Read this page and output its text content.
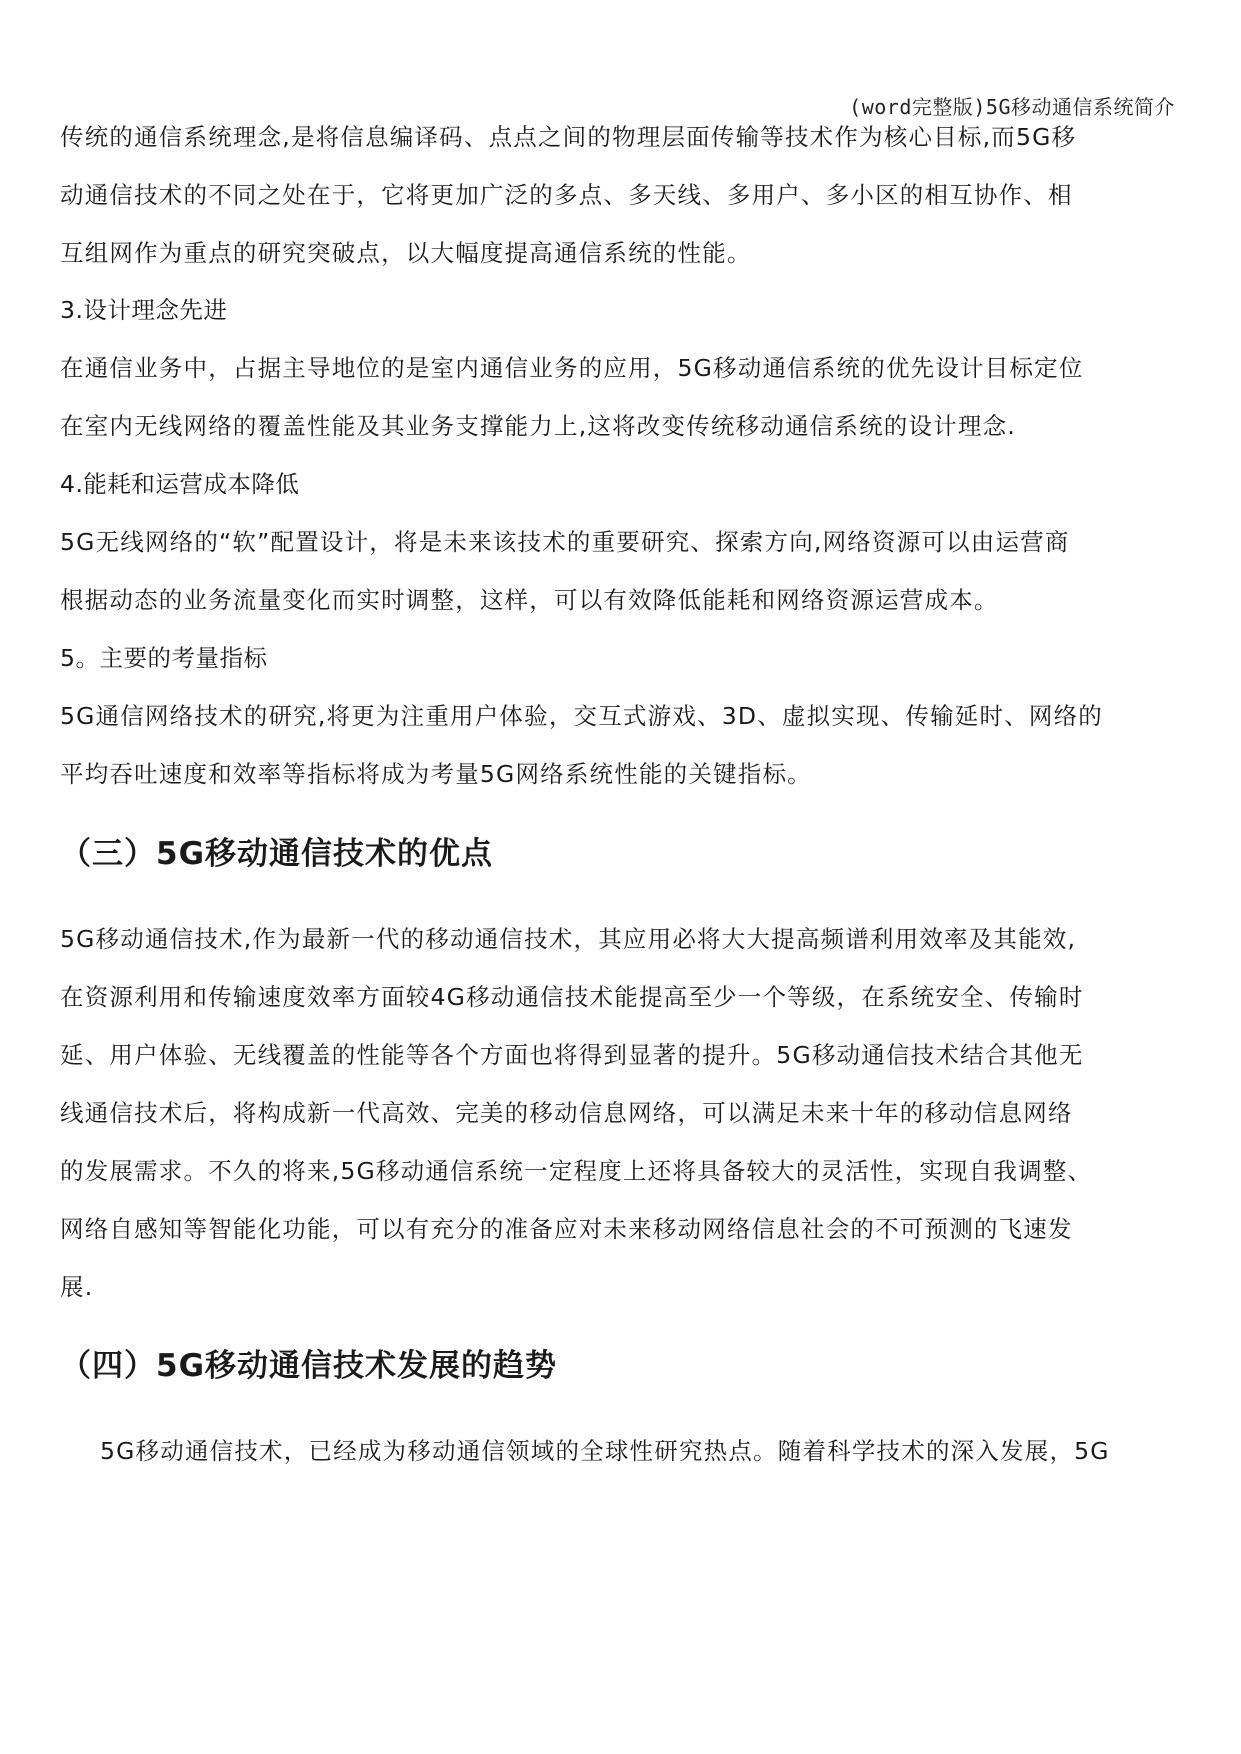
(word完整版)5G移动通信系统简介
传统的通信系统理念,是将信息编译码、点点之间的物理层面传输等技术作为核心目标,而5G移
动通信技术的不同之处在于，它将更加广泛的多点、多天线、多用户、多小区的相互协作、相
互组网作为重点的研究突破点，以大幅度提高通信系统的性能。
3.设计理念先进
在通信业务中，占据主导地位的是室内通信业务的应用，5G移动通信系统的优先设计目标定位
在室内无线网络的覆盖性能及其业务支撑能力上,这将改变传统移动通信系统的设计理念.
4.能耗和运营成本降低
5G无线网络的“软”配置设计，将是未来该技术的重要研究、探索方向,网络资源可以由运营商
根据动态的业务流量变化而实时调整，这样，可以有效降低能耗和网络资源运营成本。
5。主要的考量指标
5G通信网络技术的研究,将更为注重用户体验，交互式游戏、3D、虚拟实现、传输延时、网络的
平均吞吐速度和效率等指标将成为考量5G网络系统性能的关键指标。
（三）5G移动通信技术的优点
5G移动通信技术,作为最新一代的移动通信技术，其应用必将大大提高频谱利用效率及其能效,
在资源利用和传输速度效率方面较4G移动通信技术能提高至少一个等级，在系统安全、传输时
延、用户体验、无线覆盖的性能等各个方面也将得到显著的提升。5G移动通信技术结合其他无
线通信技术后，将构成新一代高效、完美的移动信息网络，可以满足未来十年的移动信息网络
的发展需求。不久的将来,5G移动通信系统一定程度上还将具备较大的灵活性，实现自我调整、
网络自感知等智能化功能，可以有充分的准备应对未来移动网络信息社会的不可预测的飞速发
展.
（四）5G移动通信技术发展的趋势
5G移动通信技术，已经成为移动通信领域的全球性研究热点。随着科学技术的深入发展，5G
